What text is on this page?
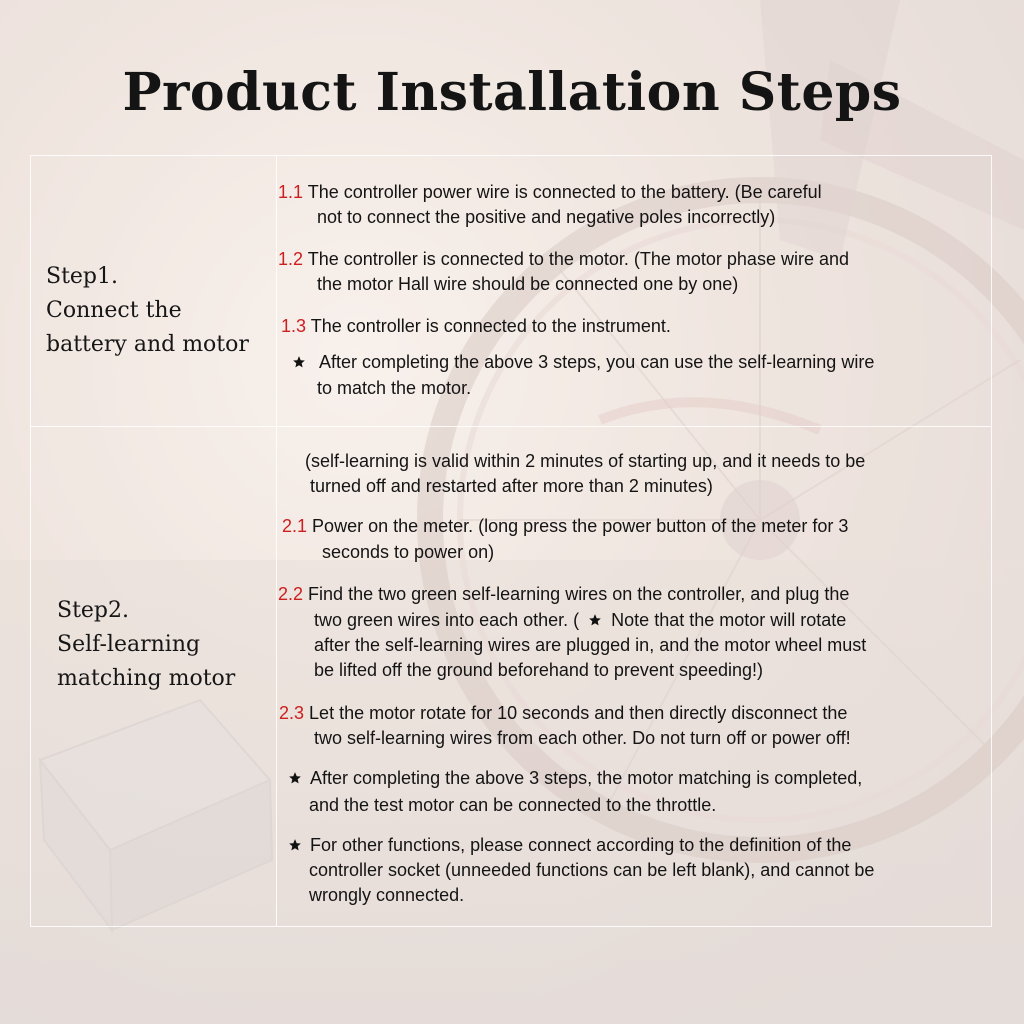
Product Installation Steps
Step1.
Connect the
battery and motor
1.1 The controller power wire is connected to the battery. (Be careful
not to connect the positive and negative poles incorrectly)
1.2 The controller is connected to the motor. (The motor phase wire and
the motor Hall wire should be connected one by one)
1.3 The controller is connected to the instrument.
After completing the above 3 steps, you can use the self-learning wire
to match the motor.
Step2.
Self-learning
matching motor
(self-learning is valid within 2 minutes of starting up, and it needs to be
turned off and restarted after more than 2 minutes)
2.1 Power on the meter. (long press the power button of the meter for 3
seconds to power on)
2.2 Find the two green self-learning wires on the controller, and plug the
two green wires into each other. ( Note that the motor will rotate
after the self-learning wires are plugged in, and the motor wheel must
be lifted off the ground beforehand to prevent speeding!)
2.3 Let the motor rotate for 10 seconds and then directly disconnect the
two self-learning wires from each other. Do not turn off or power off!
After completing the above 3 steps, the motor matching is completed,
and the test motor can be connected to the throttle.
For other functions, please connect according to the definition of the
controller socket (unneeded functions can be left blank), and cannot be
wrongly connected.
